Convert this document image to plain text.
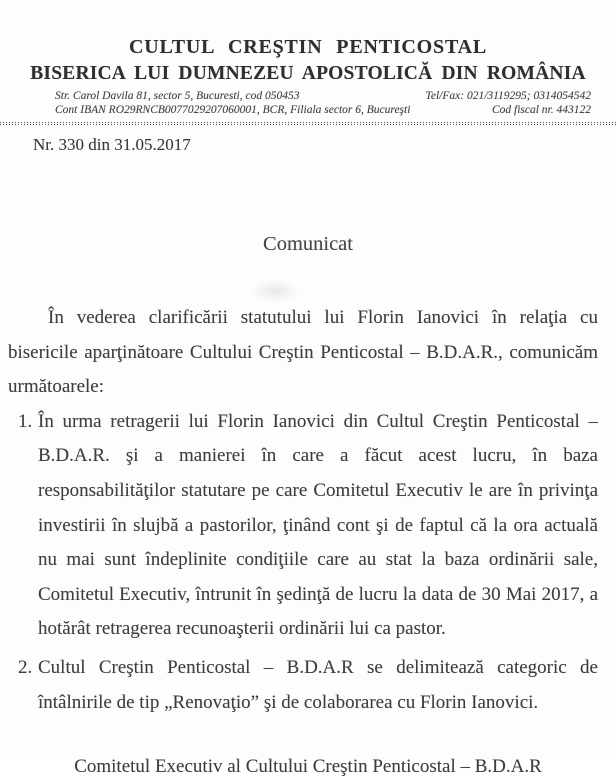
CULTUL CREŞTIN PENTICOSTAL
BISERICA LUI DUMNEZEU APOSTOLICĂ DIN ROMÂNIA
Str. Carol Davila 81, sector 5, Bucuresti, cod 050453	Tel/Fax: 021/3119295; 0314054542
Cont IBAN RO29RNCB0077029207060001, BCR, Filiala sector 6, Bucureşti	Cod fiscal nr. 443122
Nr. 330 din 31.05.2017
Comunicat

În vederea clarificării statutului lui Florin Ianovici în relaţia cu bisericile aparţinătoare Cultului Creştin Penticostal – B.D.A.R., comunicăm următoarele:

1. În urma retragerii lui Florin Ianovici din Cultul Creştin Penticostal – B.D.A.R. şi a manierei în care a făcut acest lucru, în baza responsabilităţilor statutare pe care Comitetul Executiv le are în privinţa investirii în slujbă a pastorilor, ţinând cont şi de faptul că la ora actuală nu mai sunt îndeplinite condiţiile care au stat la baza ordinării sale, Comitetul Executiv, întrunit în şedinţă de lucru la data de 30 Mai 2017, a hotărât retragerea recunoaşterii ordinării lui ca pastor.
2. Cultul Creştin Penticostal – B.D.A.R se delimitează categoric de întâlnirile de tip „Renovaţio” şi de colaborarea cu Florin Ianovici.
Comitetul Executiv al Cultului Creştin Penticostal – B.D.A.R
